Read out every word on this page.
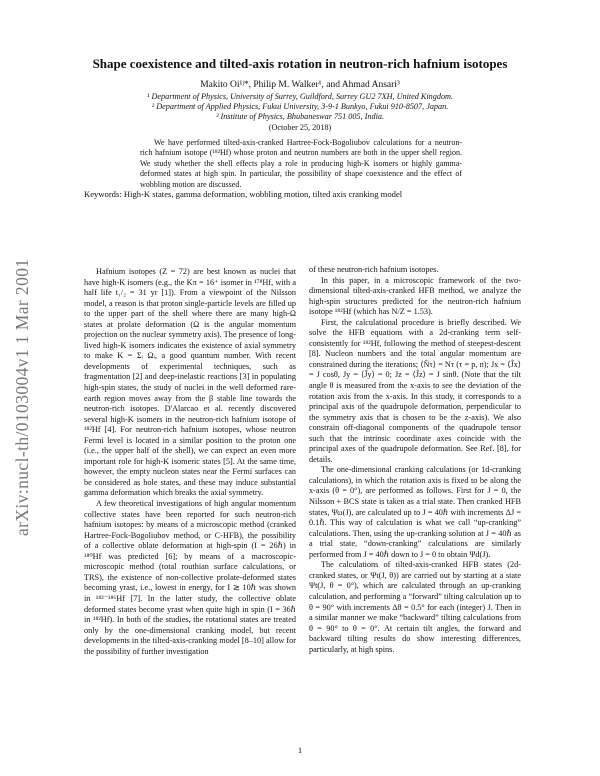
arXiv:nucl-th/0103004v1 1 Mar 2001
Shape coexistence and tilted-axis rotation in neutron-rich hafnium isotopes
Makito Oi¹ʲ*, Philip M. Walker¹, and Ahmad Ansari³
¹ Department of Physics, University of Surrey, Guildford, Surrey GU2 7XH, United Kingdom.
² Department of Applied Physics, Fukui University, 3-9-1 Bunkyo, Fukui 910-8507, Japan.
³ Institute of Physics, Bhubaneswar 751 005, India.
(October 25, 2018)
We have performed tilted-axis-cranked Hartree-Fock-Bogoliubov calculations for a neutron-rich hafnium isotope (¹⁸²Hf) whose proton and neutron numbers are both in the upper shell region. We study whether the shell effects play a role in producing high-K isomers or highly gamma-deformed states at high spin. In particular, the possibility of shape coexistence and the effect of wobbling motion are discussed.
Keywords: High-K states, gamma deformation, wobbling motion, tilted axis cranking model

Hafnium isotopes (Z = 72) are best known as nuclei that have high-K isomers (e.g., the Kπ = 16⁺ isomer in ¹⁷⁸Hf, with a half life t₁/₂ = 31 yr [1]). From a viewpoint of the Nilsson model, a reason is that proton single-particle levels are filled up to the upper part of the shell where there are many high-Ω states at prolate deformation (Ω is the angular momentum projection on the nuclear symmetry axis). The presence of long-lived high-K isomers indicates the existence of axial symmetry to make K = Σᵢ Ωᵢ, a good quantum number. With recent developments of experimental techniques, such as fragmentation [2] and deep-inelastic reactions [3] in populating high-spin states, the study of nuclei in the well deformed rare-earth region moves away from the β stable line towards the neutron-rich isotopes. D'Alarcao et al. recently discovered several high-K isomers in the neutron-rich hafnium isotope of ¹⁸²Hf [4]. For neutron-rich hafnium isotopes, whose neutron Fermi level is located in a similar position to the proton one (i.e., the upper half of the shell), we can expect an even more important role for high-K isomeric states [5]. At the same time, however, the empty nucleon states near the Fermi surfaces can be considered as hole states, and these may induce substantial gamma deformation which breaks the axial symmetry.

A few theoretical investigations of high angular momentum collective states have been reported for such neutron-rich hafnium isotopes: by means of a microscopic method (cranked Hartree-Fock-Bogoliubov method, or C-HFB), the possibility of a collective oblate deformation at high-spin (I = 26ℏ) in ¹⁸⁰Hf was predicted [6]; by means of a macroscopic-microscopic method (total routhian surface calculations, or TRS), the existence of non-collective prolate-deformed states becoming yrast, i.e., lowest in energy, for I ≳ 10ℏ was shown in ¹⁸²⁻¹⁸⁶Hf [7]. In the latter study, the collective oblate deformed states become yrast when quite high in spin (I = 36ℏ in ¹⁸²Hf). In both of the studies, the rotational states are treated only by the one-dimensional cranking model, but recent developments in the tilted-axis-cranking model [8–10] allow for the possibility of further investigation

of these neutron-rich hafnium isotopes.

In this paper, in a microscopic framework of the two-dimensional tilted-axis-cranked HFB method, we analyze the high-spin structures predicted for the neutron-rich hafnium isotope ¹⁸²Hf (which has N/Z = 1.53).

First, the calculational procedure is briefly described. We solve the HFB equations with a 2d-cranking term self-consistently for ¹⁸²Hf, following the method of steepest-descent [8]. Nucleon numbers and the total angular momentum are constrained during the iterations; ⟨N̂τ⟩ = Nτ (τ = p, n); Jx = ⟨Ĵx⟩ = J cosθ, Jy = ⟨Ĵy⟩ = 0; Jz = ⟨Ĵz⟩ = J sinθ. (Note that the tilt angle θ is measured from the x-axis to see the deviation of the rotation axis from the x-axis. In this study, it corresponds to a principal axis of the quadrupole deformation, perpendicular to the symmetry axis that is chosen to be the z-axis). We also constrain off-diagonal components of the quadrupole tensor such that the intrinsic coordinate axes coincide with the principal axes of the quadrupole deformation. See Ref. [8], for details.

The one-dimensional cranking calculations (or 1d-cranking calculations), in which the rotation axis is fixed to be along the x-axis (θ = 0°), are performed as follows. First for J = 0, the Nilsson + BCS state is taken as a trial state. Then cranked HFB states, Ψω(J), are calculated up to J = 40ℏ with increments ΔJ = 0.1ℏ. This way of calculation is what we call “up-cranking” calculations. Then, using the up-cranking solution at J = 40ℏ as a trial state, “down-cranking” calculations are similarly performed from J = 40ℏ down to J = 0 to obtain Ψd(J).

The calculations of tilted-axis-cranked HFB states (2d-cranked states, or Ψt(J, θ)) are carried out by starting at a state Ψt(J, θ = 0°), which are calculated through an up-cranking calculation, and performing a “forward” tilting calculation up to θ = 90° with increments Δθ = 0.5° for each (integer) J. Then in a similar manner we make “backward” tilting calculations from θ = 90° to θ = 0°. At certain tilt angles, the forward and backward tilting results do show interesting differences, particularly, at high spins.

1
